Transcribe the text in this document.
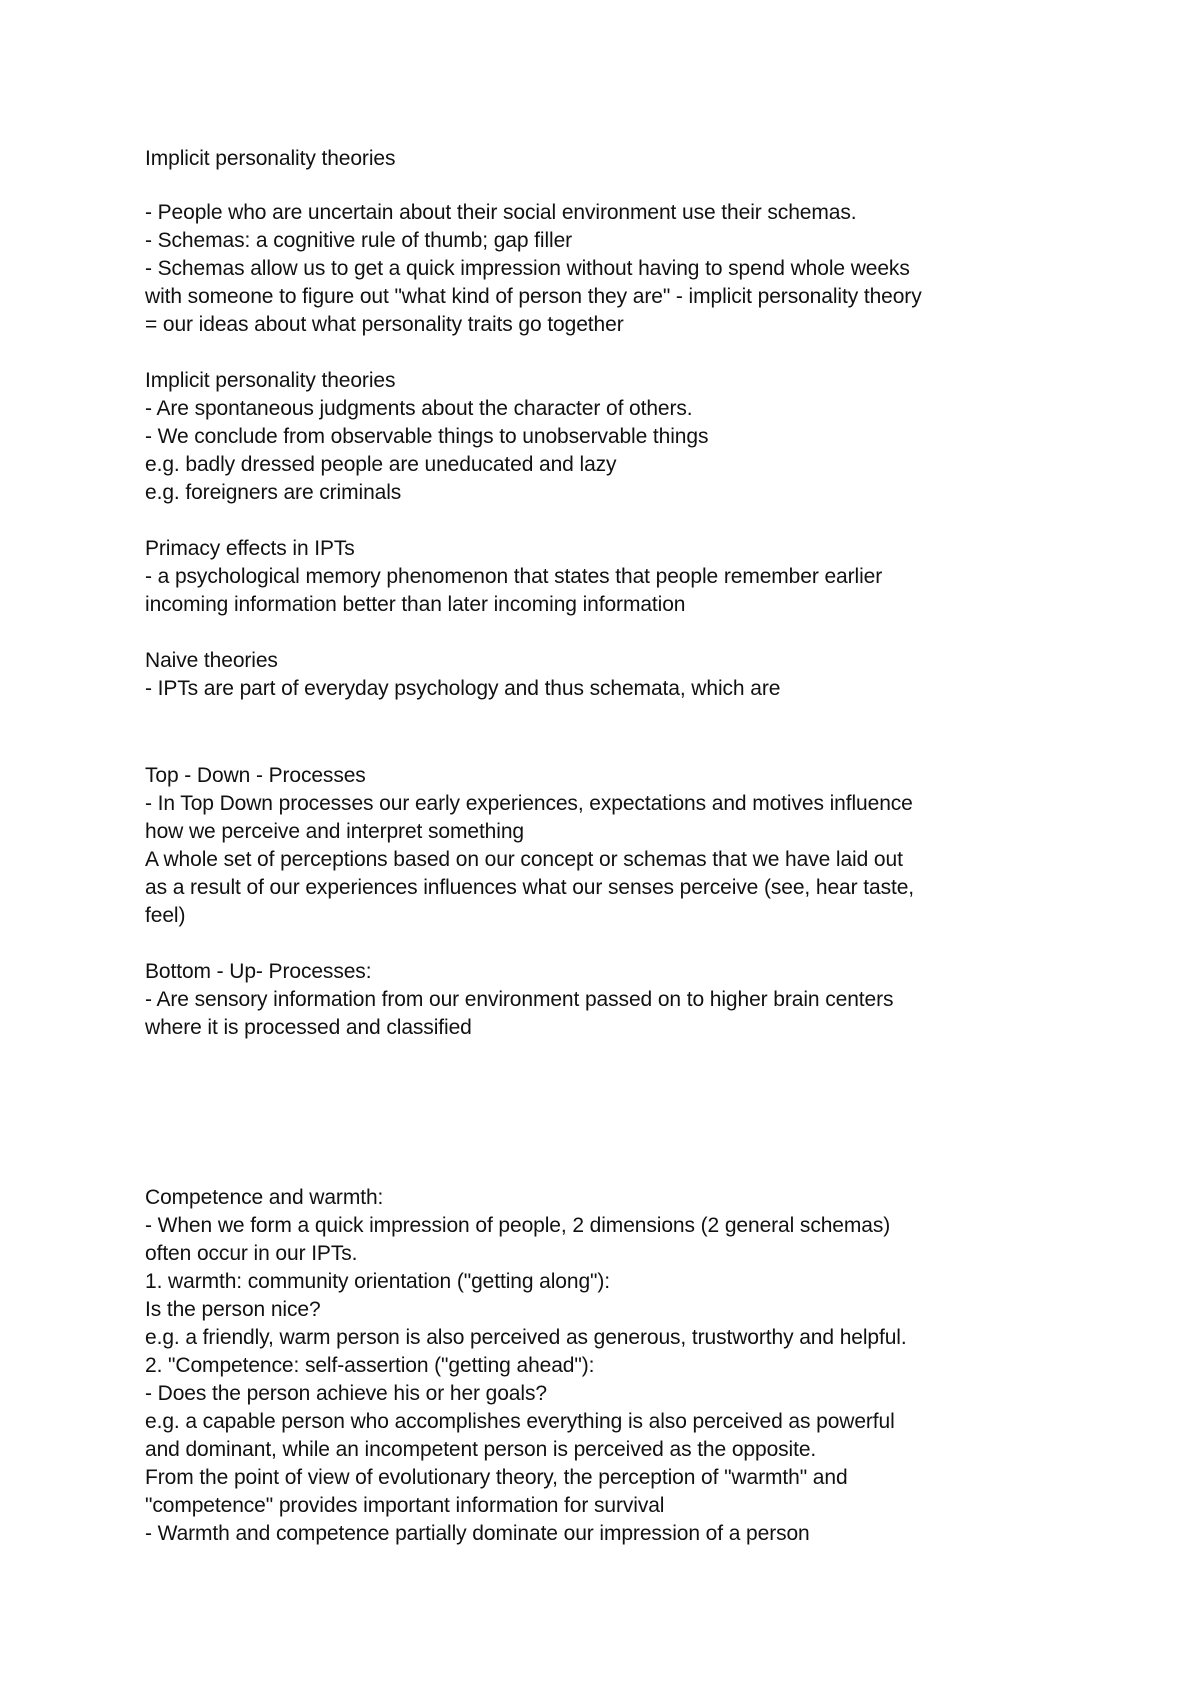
Implicit personality theories

- People who are uncertain about their social environment use their schemas.

- Schemas: a cognitive rule of thumb; gap filler

- Schemas allow us to get a quick impression without having to spend whole weeks

with someone to figure out "what kind of person they are" - implicit personality theory

= our ideas about what personality traits go together

Implicit personality theories

- Are spontaneous judgments about the character of others.

- We conclude from observable things to unobservable things

e.g. badly dressed people are uneducated and lazy

e.g. foreigners are criminals

Primacy effects in IPTs

- a psychological memory phenomenon that states that people remember earlier

incoming information better than later incoming information

Naive theories

- IPTs are part of everyday psychology and thus schemata, which are

Top - Down - Processes

- In Top Down processes our early experiences, expectations and motives influence

how we perceive and interpret something

A whole set of perceptions based on our concept or schemas that we have laid out

as a result of our experiences influences what our senses perceive (see, hear taste,

feel)

Bottom - Up- Processes:

- Are sensory information from our environment passed on to higher brain centers

where it is processed and classified

Competence and warmth:

- When we form a quick impression of people, 2 dimensions (2 general schemas)

often occur in our IPTs.

1. warmth: community orientation ("getting along"):

Is the person nice?

e.g. a friendly, warm person is also perceived as generous, trustworthy and helpful.

2. "Competence: self-assertion ("getting ahead"):

- Does the person achieve his or her goals?

e.g. a capable person who accomplishes everything is also perceived as powerful

and dominant, while an incompetent person is perceived as the opposite.

From the point of view of evolutionary theory, the perception of "warmth" and

"competence" provides important information for survival

- Warmth and competence partially dominate our impression of a person
